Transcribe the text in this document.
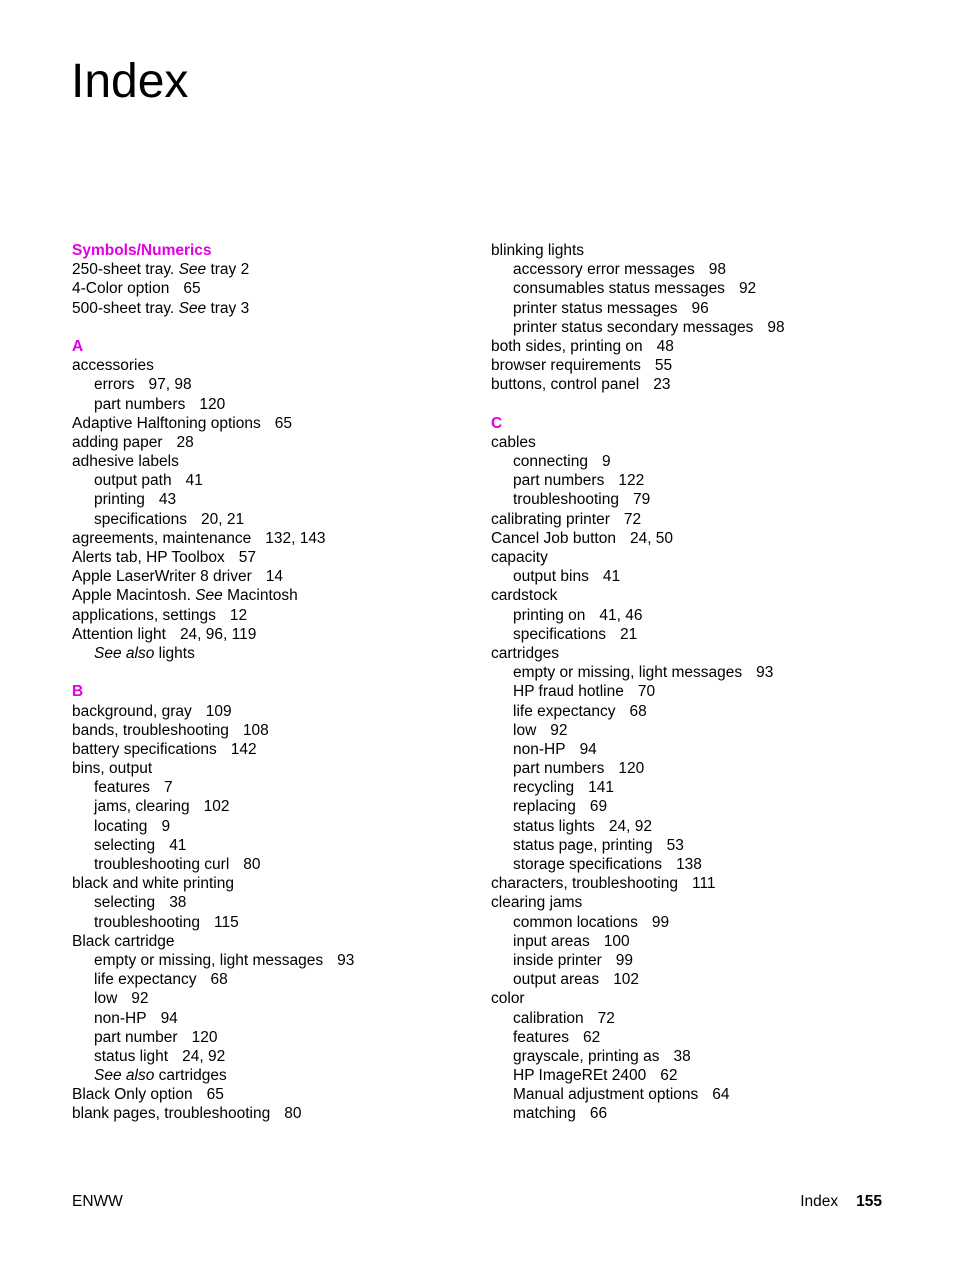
Index
Symbols/Numerics
250-sheet tray. See tray 2
4-Color option 65
500-sheet tray. See tray 3
A
accessories
errors 97, 98
part numbers 120
Adaptive Halftoning options 65
adding paper 28
adhesive labels
output path 41
printing 43
specifications 20, 21
agreements, maintenance 132, 143
Alerts tab, HP Toolbox 57
Apple LaserWriter 8 driver 14
Apple Macintosh. See Macintosh
applications, settings 12
Attention light 24, 96, 119
See also lights
B
background, gray 109
bands, troubleshooting 108
battery specifications 142
bins, output
features 7
jams, clearing 102
locating 9
selecting 41
troubleshooting curl 80
black and white printing
selecting 38
troubleshooting 115
Black cartridge
empty or missing, light messages 93
life expectancy 68
low 92
non-HP 94
part number 120
status light 24, 92
See also cartridges
Black Only option 65
blank pages, troubleshooting 80
blinking lights
accessory error messages 98
consumables status messages 92
printer status messages 96
printer status secondary messages 98
both sides, printing on 48
browser requirements 55
buttons, control panel 23
C
cables
connecting 9
part numbers 122
troubleshooting 79
calibrating printer 72
Cancel Job button 24, 50
capacity
output bins 41
cardstock
printing on 41, 46
specifications 21
cartridges
empty or missing, light messages 93
HP fraud hotline 70
life expectancy 68
low 92
non-HP 94
part numbers 120
recycling 141
replacing 69
status lights 24, 92
status page, printing 53
storage specifications 138
characters, troubleshooting 111
clearing jams
common locations 99
input areas 100
inside printer 99
output areas 102
color
calibration 72
features 62
grayscale, printing as 38
HP ImageREt 2400 62
Manual adjustment options 64
matching 66
ENWW	Index 155
